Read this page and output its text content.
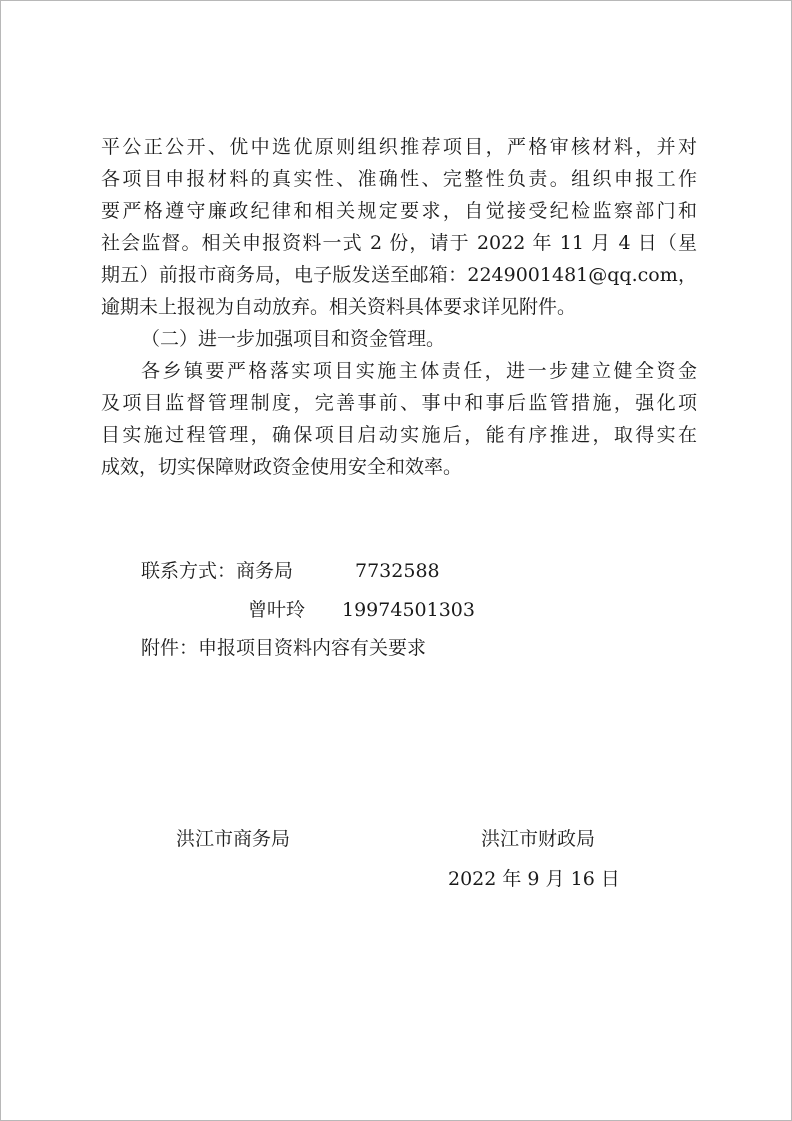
平公正公开、优中选优原则组织推荐项目，严格审核材料，并对
各项目申报材料的真实性、准确性、完整性负责。组织申报工作
要严格遵守廉政纪律和相关规定要求，自觉接受纪检监察部门和
社会监督。相关申报资料一式 2 份，请于 2022 年 11 月 4 日（星
期五）前报市商务局，电子版发送至邮箱：2249001481@qq.com，
逾期未上报视为自动放弃。相关资料具体要求详见附件。
（二）进一步加强项目和资金管理。
各乡镇要严格落实项目实施主体责任，进一步建立健全资金
及项目监督管理制度，完善事前、事中和事后监管措施，强化项
目实施过程管理，确保项目启动实施后，能有序推进，取得实在
成效，切实保障财政资金使用安全和效率。
联系方式：商务局	7732588
曾叶玲 19974501303
附件：申报项目资料内容有关要求
洪江市商务局	洪江市财政局
2022 年 9 月 16 日
